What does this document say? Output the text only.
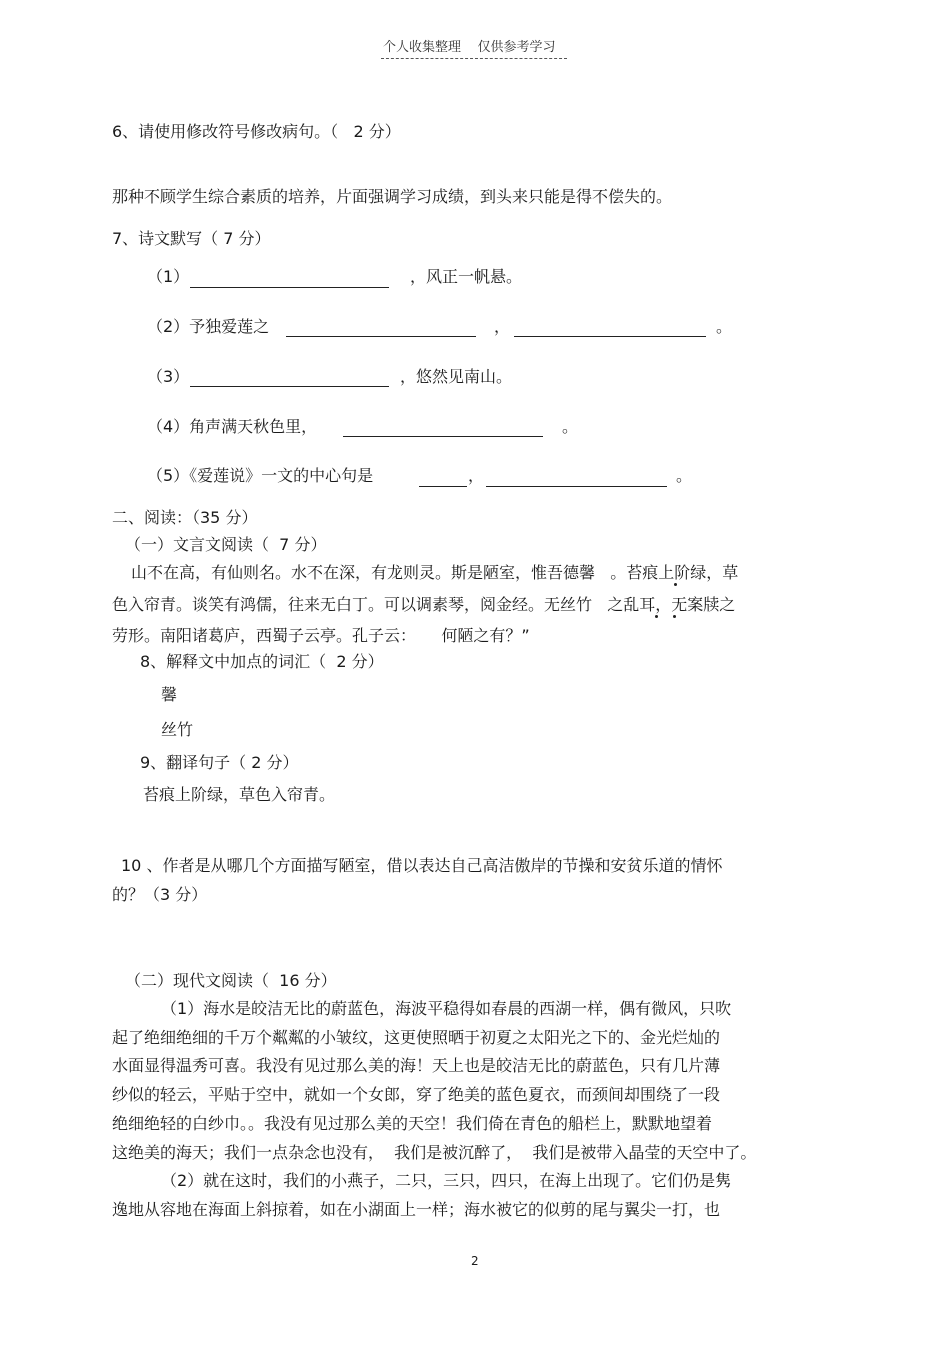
个人收集整理    仅供参考学习
6、请使用修改符号修改病句。（   2 分）
那种不顾学生综合素质的培养，片面强调学习成绩，到头来只能是得不偿失的。
7、诗文默写（ 7 分）
（1）	，风正一帆悬。
（2）予独爱莲之	，	。
（3）	，悠然见南山。
（4）角声满天秋色里，	。
（5）《爱莲说》一文的中心句是	，	。
二、阅读：（35 分）
（一）文言文阅读（  7 分）
山不在高，有仙则名。水不在深，有龙则灵。斯是陋室，惟吾德馨   。苔痕上阶绿，草
色入帘青。谈笑有鸿儒，往来无白丁。可以调素琴，阅金经。无丝竹   之乱耳，无案牍之
劳形。南阳诸葛庐，西蜀子云亭。孔子云：     何陋之有？”
8、解释文中加点的词汇（  2 分）
馨
丝竹
9、翻译句子（ 2 分）
苔痕上阶绿，草色入帘青。
10 、作者是从哪几个方面描写陋室，借以表达自己高洁傲岸的节操和安贫乐道的情怀
的？（3 分）
（二）现代文阅读（  16 分）
（1）海水是皎洁无比的蔚蓝色，海波平稳得如春晨的西湖一样，偶有微风，只吹
起了绝细绝细的千万个粼粼的小皱纹，这更使照晒于初夏之太阳光之下的、金光烂灿的
水面显得温秀可喜。我没有见过那么美的海！天上也是皎洁无比的蔚蓝色，只有几片薄
纱似的轻云，平贴于空中，就如一个女郎，穿了绝美的蓝色夏衣，而颈间却围绕了一段
绝细绝轻的白纱巾。。我没有见过那么美的天空！我们倚在青色的船栏上，默默地望着
这绝美的海天；我们一点杂念也没有，  我们是被沉醉了，  我们是被带入晶莹的天空中了。
（2）就在这时，我们的小燕子，二只，三只，四只，在海上出现了。它们仍是隽
逸地从容地在海面上斜掠着，如在小湖面上一样；海水被它的似剪的尾与翼尖一打，也
2
